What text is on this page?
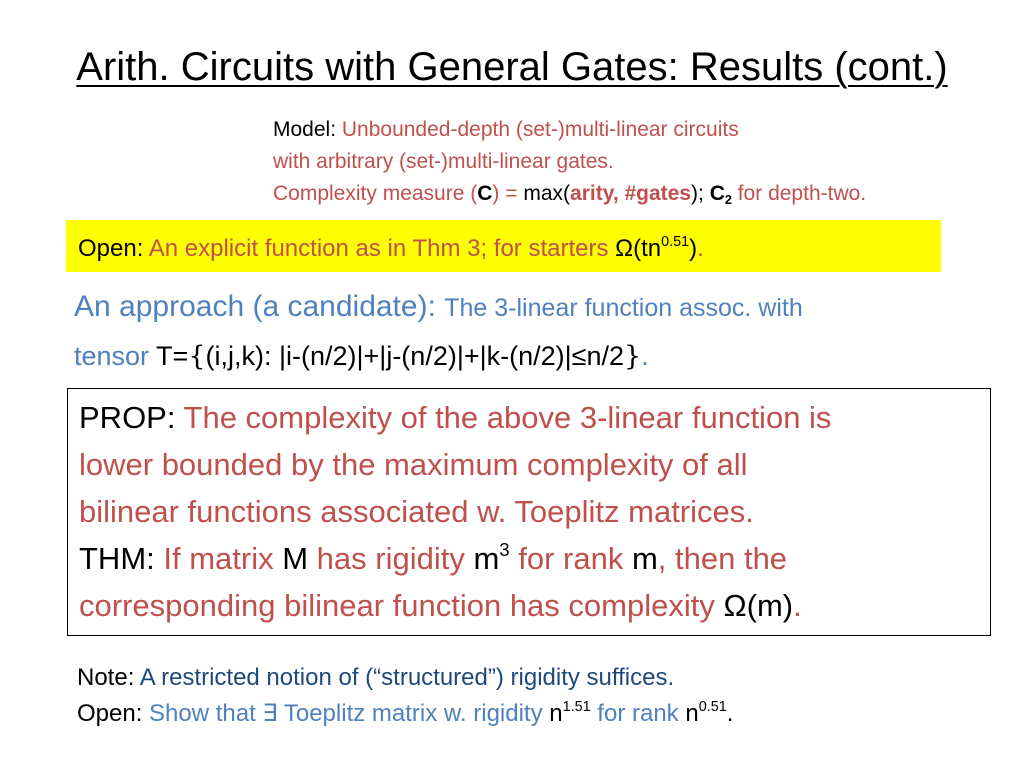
Arith. Circuits with General Gates: Results (cont.)
Model: Unbounded-depth (set-)multi-linear circuits
with arbitrary (set-)multi-linear gates.
Complexity measure (C) = max(arity, #gates); $C_2$ for depth-two.
Open: An explicit function as in Thm 3; for starters $\Omega(tn^{0.51})$.
An approach (a candidate): The 3-linear function assoc. with
tensor T={(i,j,k): |i-(n/2)|+|j-(n/2)|+|k-(n/2)|≤n/2}.
PROP: The complexity of the above 3-linear function is
lower bounded by the maximum complexity of all
bilinear functions associated w. Toeplitz matrices.
THM: If matrix M has rigidity $m^3$ for rank m, then the
corresponding bilinear function has complexity Ω(m).
Note: A restricted notion of (“structured”) rigidity suffices.
Open: Show that ∃ Toeplitz matrix w. rigidity $n^{1.51}$ for rank $n^{0.51}$.
